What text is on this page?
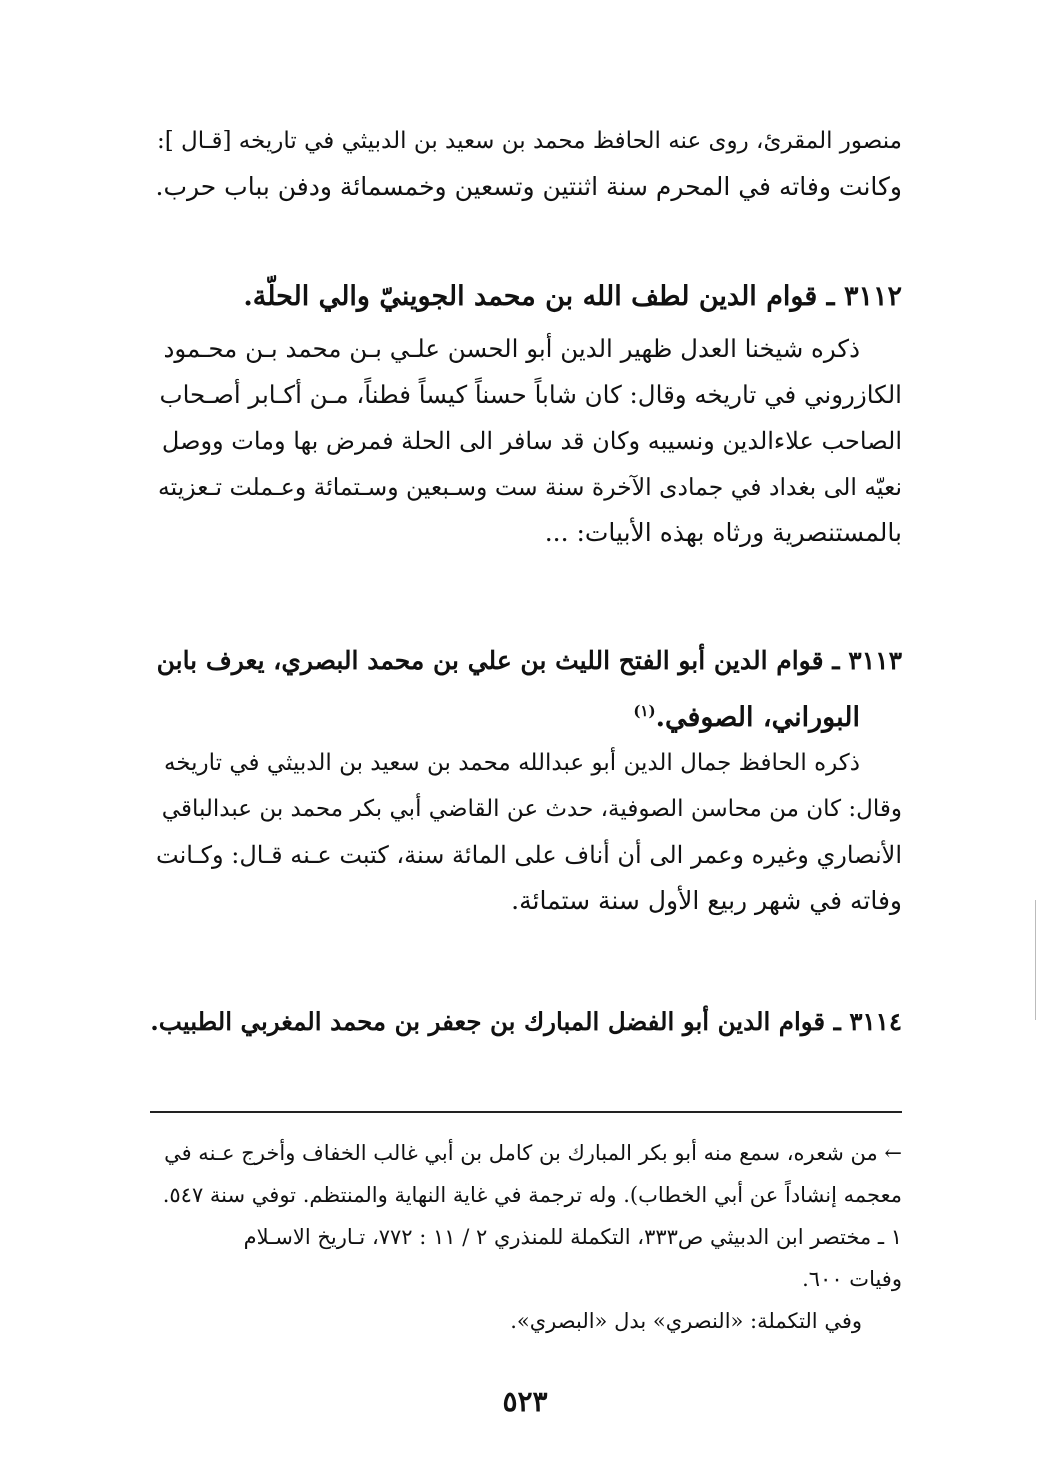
منصور المقرئ، روى عنه الحافظ محمد بن سعيد بن الدبيثي في تاريخه [قـال ]:
وكانت وفاته في المحرم سنة اثنتين وتسعين وخمسمائة ودفن بباب حرب.
٣١١٢ ـ قوام الدين لطف الله بن محمد الجوينيّ والي الحلّة.
ذكره شيخنا العدل ظهير الدين أبو الحسن علـي بـن محمد بـن محـمود
الكازروني في تاريخه وقال: كان شاباً حسناً كيساً فطناً، مـن أكـابر أصـحاب
الصاحب علاءالدين ونسيبه وكان قد سافر الى الحلة فمرض بها ومات ووصل
نعيّه الى بغداد في جمادى الآخرة سنة ست وسـبعين وسـتمائة وعـملت تـعزيته
بالمستنصرية ورثاه بهذه الأبيات: ...
٣١١٣ ـ قوام الدين أبو الفتح الليث بن علي بن محمد البصري، يعرف بابن
البوراني، الصوفي.$^{(١)}$
ذكره الحافظ جمال الدين أبو عبدالله محمد بن سعيد بن الدبيثي في تاريخه
وقال: كان من محاسن الصوفية، حدث عن القاضي أبي بكر محمد بن عبدالباقي
الأنصاري وغيره وعمر الى أن أناف على المائة سنة، كتبت عـنه قـال: وكـانت
وفاته في شهر ربيع الأول سنة ستمائة.
٣١١٤ ـ قوام الدين أبو الفضل المبارك بن جعفر بن محمد المغربي الطبيب.
← من شعره، سمع منه أبو بكر المبارك بن كامل بن أبي غالب الخفاف وأخرج عـنه في
معجمه إنشاداً عن أبي الخطاب). وله ترجمة في غاية النهاية والمنتظم. توفي سنة ٥٤٧.
١ ـ مختصر ابن الدبيثي ص٣٣٣، التكملة للمنذري ٢ / ١١ : ٧٧٢، تـاريخ الاسـلام
وفيات ٦٠٠.
وفي التكملة: «النصري» بدل «البصري».
٥٢٣
